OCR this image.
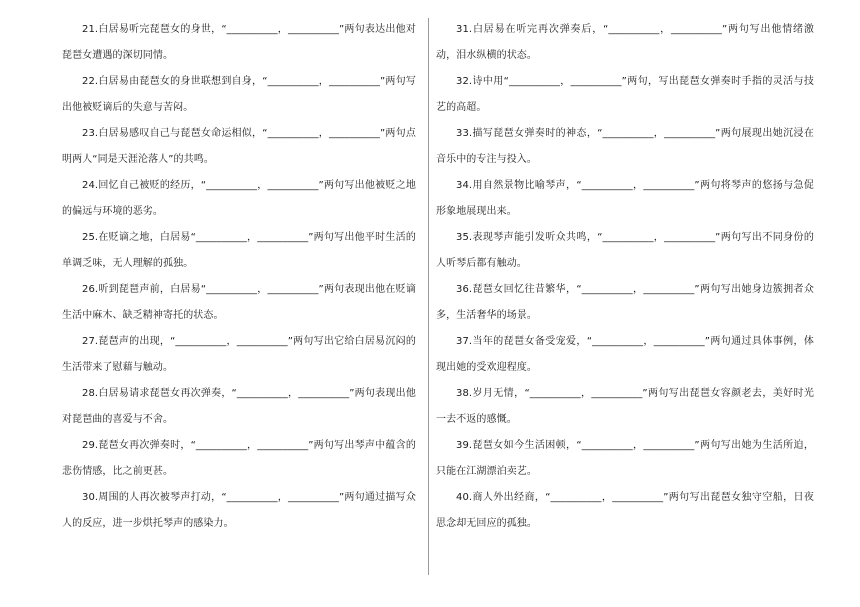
21.白居易听完琵琶女的身世，“__________，__________”两句表达出他对琵琶女遭遇的深切同情。

22.白居易由琵琶女的身世联想到自身，“__________，__________”两句写出他被贬谪后的失意与苦闷。

23.白居易感叹自己与琵琶女命运相似，“__________，__________”两句点明两人“同是天涯沦落人”的共鸣。

24.回忆自己被贬的经历，“__________，__________”两句写出他被贬之地的偏远与环境的恶劣。

25.在贬谪之地，白居易“__________，__________”两句写出他平时生活的单调乏味，无人理解的孤独。

26.听到琵琶声前，白居易“__________，__________”两句表现出他在贬谪生活中麻木、缺乏精神寄托的状态。

27.琵琶声的出现，“__________，__________”两句写出它给白居易沉闷的生活带来了慰藉与触动。

28.白居易请求琵琶女再次弹奏，“__________，__________”两句表现出他对琵琶曲的喜爱与不舍。

29.琵琶女再次弹奏时，“__________，__________”两句写出琴声中蕴含的悲伤情感，比之前更甚。

30.周围的人再次被琴声打动，“__________，__________”两句通过描写众人的反应，进一步烘托琴声的感染力。

31.白居易在听完再次弹奏后，“__________，__________”两句写出他情绪激动，泪水纵横的状态。

32.诗中用“__________，__________”两句，写出琵琶女弹奏时手指的灵活与技艺的高超。

33.描写琵琶女弹奏时的神态，“__________，__________”两句展现出她沉浸在音乐中的专注与投入。

34.用自然景物比喻琴声，“__________，__________”两句将琴声的悠扬与急促形象地展现出来。

35.表现琴声能引发听众共鸣，“__________，__________”两句写出不同身份的人听琴后都有触动。

36.琵琶女回忆往昔繁华，“__________，__________”两句写出她身边簇拥者众多，生活奢华的场景。

37.当年的琵琶女备受宠爱，“__________，__________”两句通过具体事例，体现出她的受欢迎程度。

38.岁月无情，“__________，__________”两句写出琵琶女容颜老去，美好时光一去不返的感慨。

39.琵琶女如今生活困顿，“__________，__________”两句写出她为生活所迫，只能在江湖漂泊卖艺。

40.商人外出经商，“__________，__________”两句写出琵琶女独守空船，日夜思念却无回应的孤独。
